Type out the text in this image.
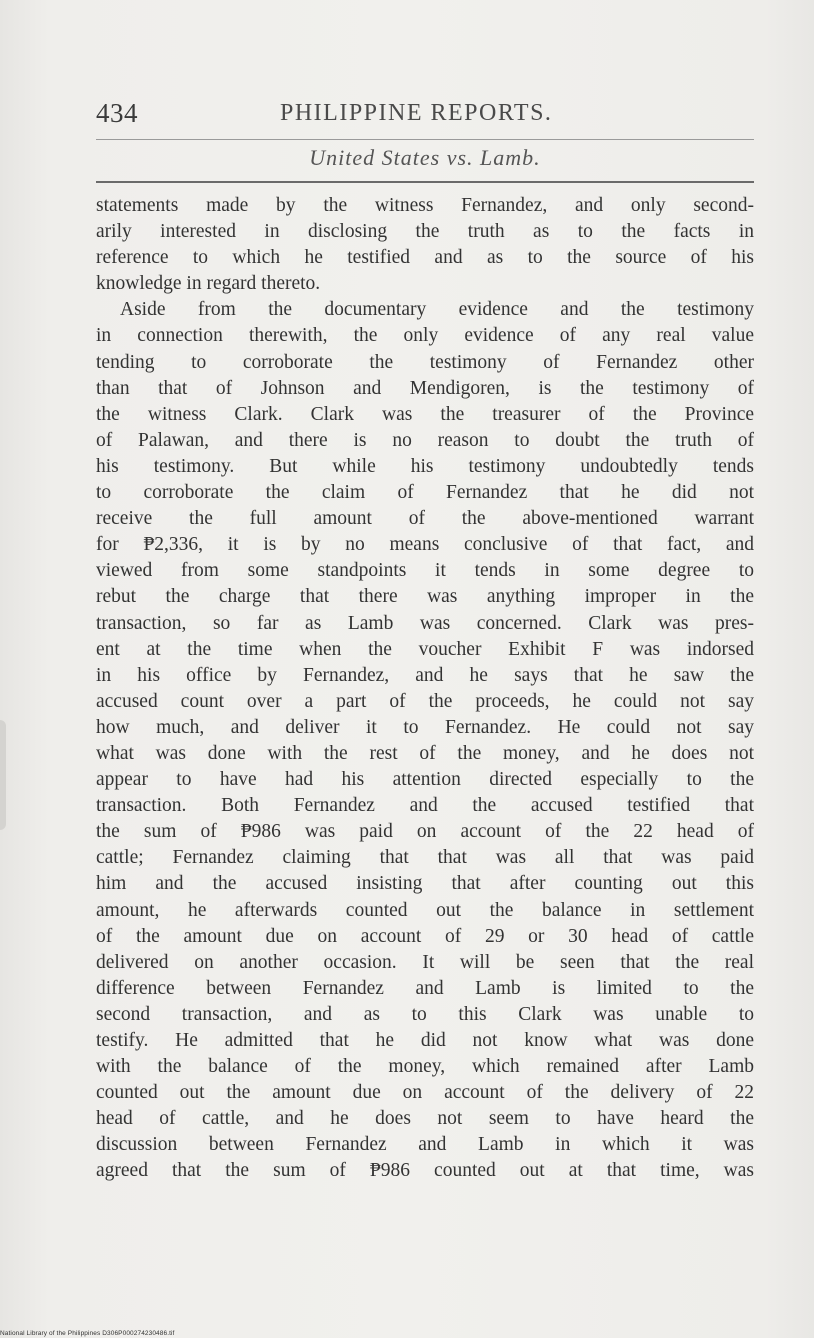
434	PHILIPPINE REPORTS.
United States vs. Lamb.
statements made by the witness Fernandez, and only second-
arily interested in disclosing the truth as to the facts in
reference to which he testified and as to the source of his
knowledge in regard thereto.
Aside from the documentary evidence and the testimony
in connection therewith, the only evidence of any real value
tending to corroborate the testimony of Fernandez other
than that of Johnson and Mendigoren, is the testimony of
the witness Clark. Clark was the treasurer of the Province
of Palawan, and there is no reason to doubt the truth of
his testimony. But while his testimony undoubtedly tends
to corroborate the claim of Fernandez that he did not
receive the full amount of the above-mentioned warrant
for ₱2,336, it is by no means conclusive of that fact, and
viewed from some standpoints it tends in some degree to
rebut the charge that there was anything improper in the
transaction, so far as Lamb was concerned. Clark was pres-
ent at the time when the voucher Exhibit F was indorsed
in his office by Fernandez, and he says that he saw the
accused count over a part of the proceeds, he could not say
how much, and deliver it to Fernandez. He could not say
what was done with the rest of the money, and he does not
appear to have had his attention directed especially to the
transaction. Both Fernandez and the accused testified that
the sum of ₱986 was paid on account of the 22 head of
cattle; Fernandez claiming that that was all that was paid
him and the accused insisting that after counting out this
amount, he afterwards counted out the balance in settlement
of the amount due on account of 29 or 30 head of cattle
delivered on another occasion. It will be seen that the real
difference between Fernandez and Lamb is limited to the
second transaction, and as to this Clark was unable to
testify. He admitted that he did not know what was done
with the balance of the money, which remained after Lamb
counted out the amount due on account of the delivery of 22
head of cattle, and he does not seem to have heard the
discussion between Fernandez and Lamb in which it was
agreed that the sum of ₱986 counted out at that time, was
National Library of the Philippines D306P000274230486.tif
